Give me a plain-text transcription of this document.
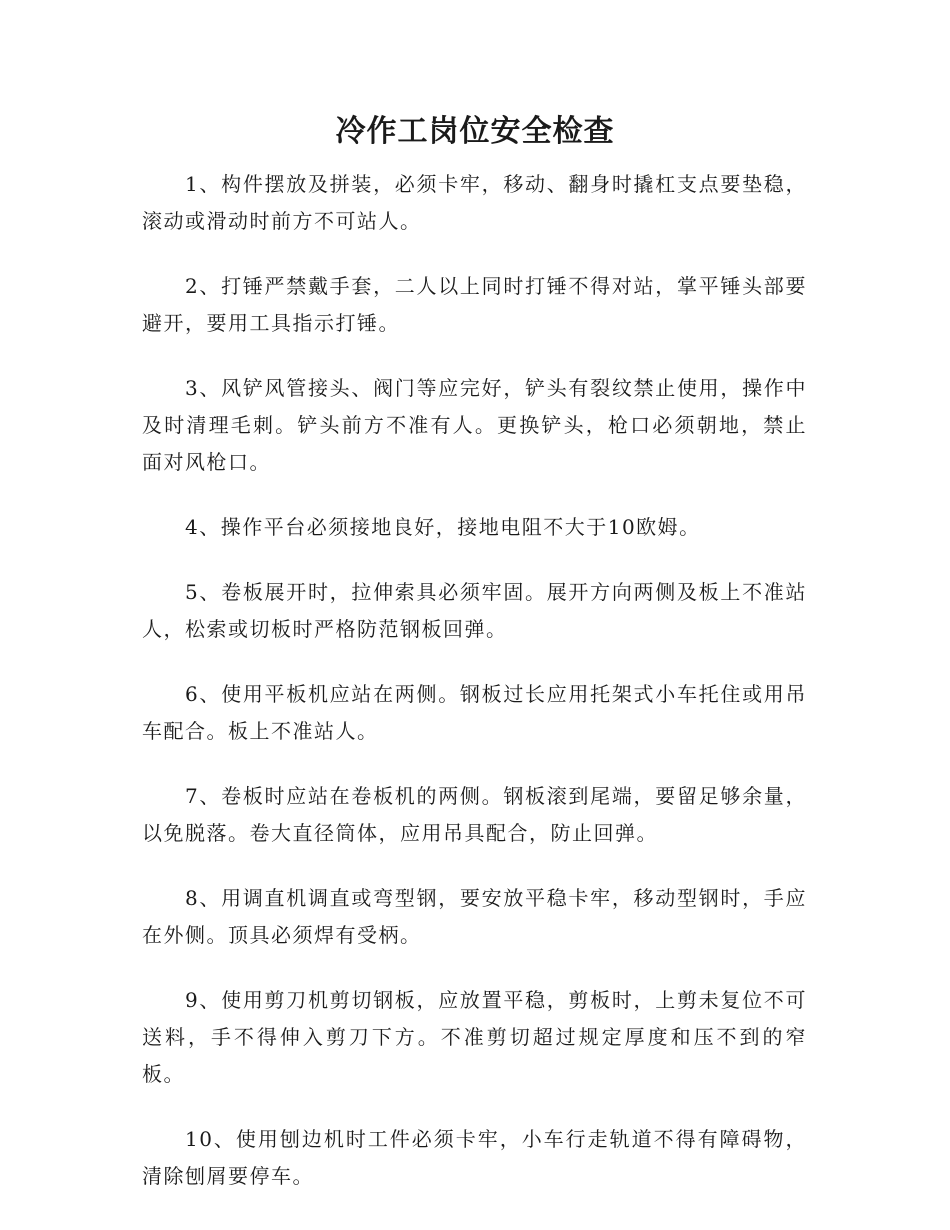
冷作工岗位安全检查

1、构件摆放及拼装，必须卡牢，移动、翻身时撬杠支点要垫稳，滚动或滑动时前方不可站人。

2、打锤严禁戴手套，二人以上同时打锤不得对站，掌平锤头部要避开，要用工具指示打锤。

3、风铲风管接头、阀门等应完好，铲头有裂纹禁止使用，操作中及时清理毛刺。铲头前方不准有人。更换铲头，枪口必须朝地，禁止面对风枪口。

4、操作平台必须接地良好，接地电阻不大于10欧姆。

5、卷板展开时，拉伸索具必须牢固。展开方向两侧及板上不准站人，松索或切板时严格防范钢板回弹。

6、使用平板机应站在两侧。钢板过长应用托架式小车托住或用吊车配合。板上不准站人。

7、卷板时应站在卷板机的两侧。钢板滚到尾端，要留足够余量，以免脱落。卷大直径筒体，应用吊具配合，防止回弹。

8、用调直机调直或弯型钢，要安放平稳卡牢，移动型钢时，手应在外侧。顶具必须焊有受柄。

9、使用剪刀机剪切钢板，应放置平稳，剪板时，上剪未复位不可送料，手不得伸入剪刀下方。不准剪切超过规定厚度和压不到的窄板。

10、使用刨边机时工件必须卡牢，小车行走轨道不得有障碍物，清除刨屑要停车。
